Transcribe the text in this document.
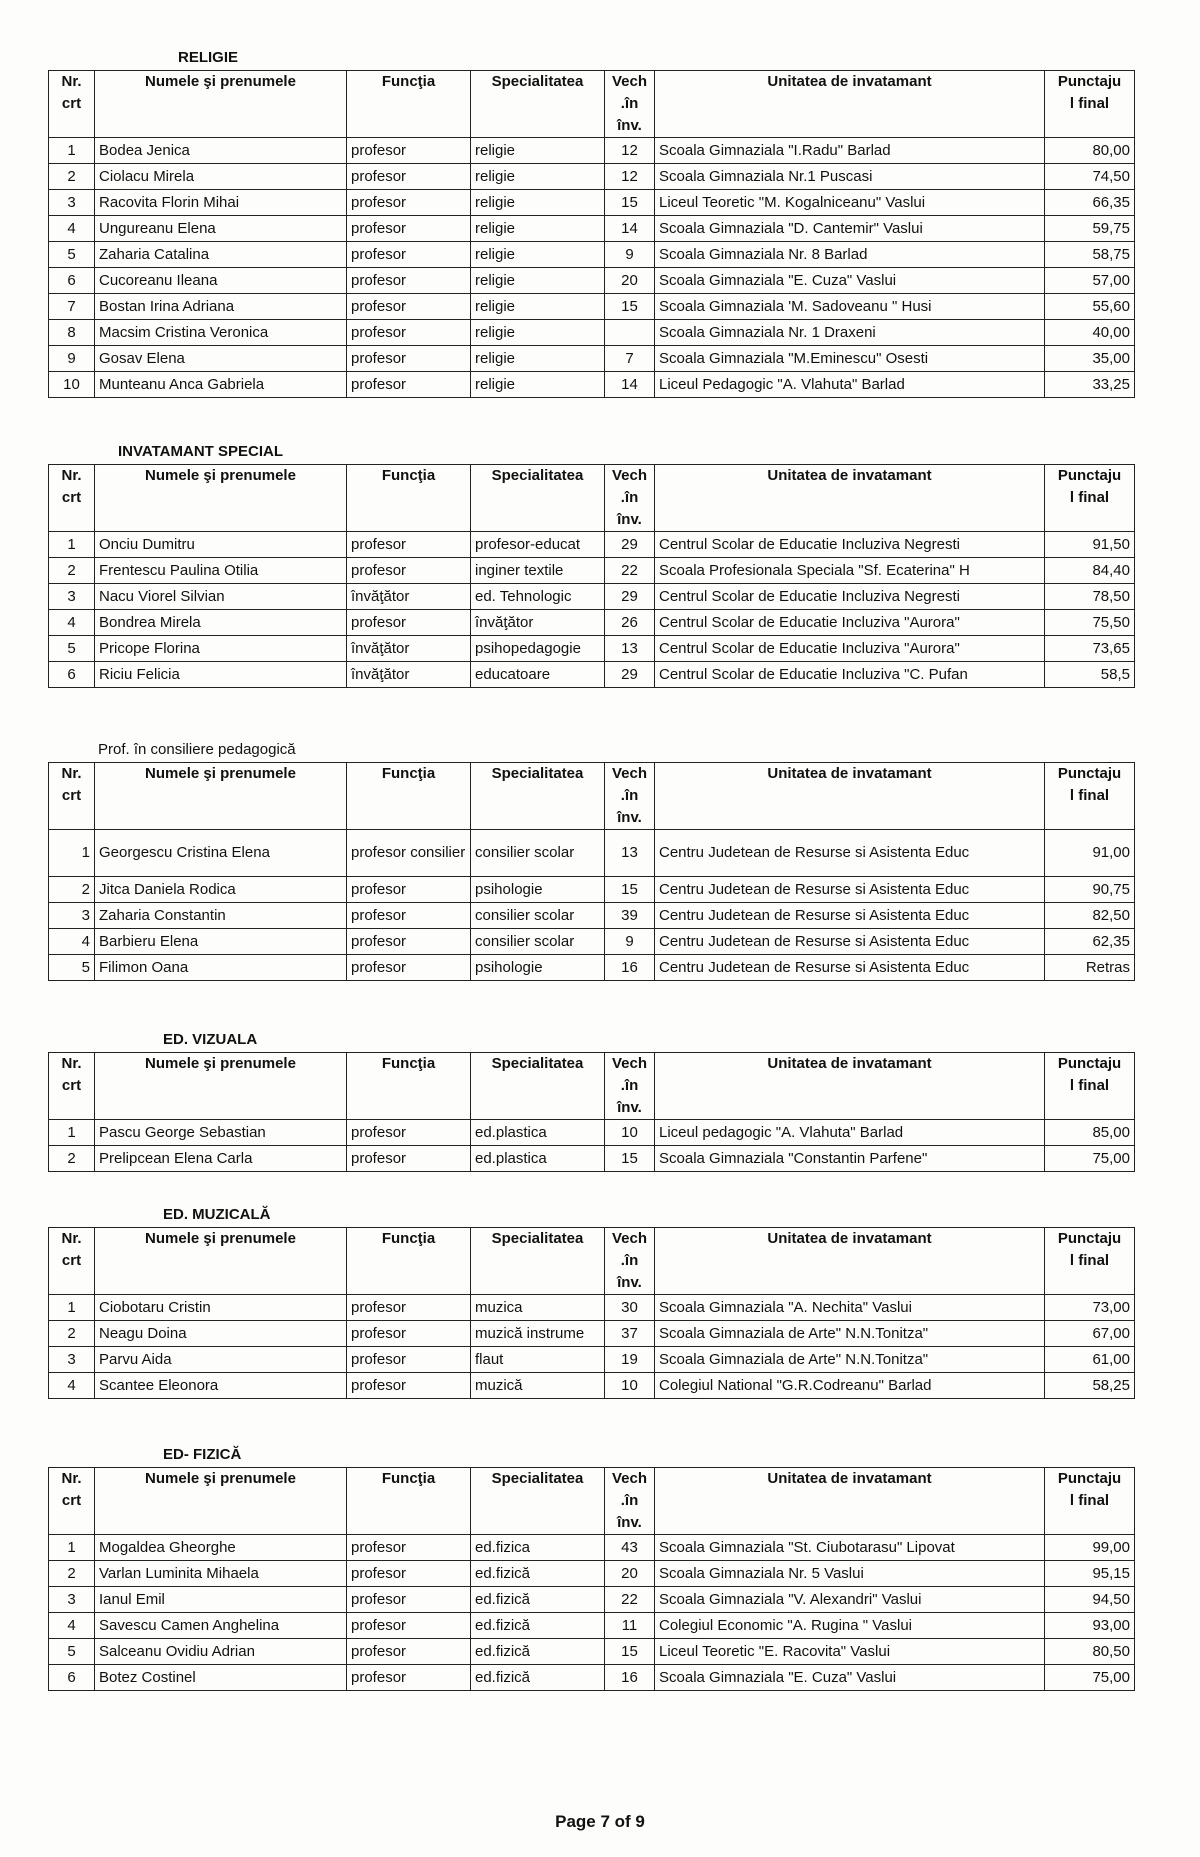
RELIGIE
Nr.
crt	Numele şi prenumele	Funcţia	Specialitatea	Vech
.în
înv.	Unitatea de invatamant	Punctaju
l final

1	Bodea Jenica	profesor	religie	12	Scoala Gimnaziala "I.Radu" Barlad	80,00
2	Ciolacu Mirela	profesor	religie	12	Scoala Gimnaziala Nr.1 Puscasi	74,50
3	Racovita Florin Mihai	profesor	religie	15	Liceul Teoretic "M. Kogalniceanu" Vaslui	66,35
4	Ungureanu Elena	profesor	religie	14	Scoala Gimnaziala "D. Cantemir" Vaslui	59,75
5	Zaharia Catalina	profesor	religie	9	Scoala Gimnaziala Nr. 8 Barlad	58,75
6	Cucoreanu Ileana	profesor	religie	20	Scoala Gimnaziala "E. Cuza" Vaslui	57,00
7	Bostan Irina Adriana	profesor	religie	15	Scoala Gimnaziala 'M. Sadoveanu " Husi	55,60
8	Macsim Cristina Veronica	profesor	religie		Scoala Gimnaziala Nr. 1 Draxeni	40,00
9	Gosav Elena	profesor	religie	7	Scoala Gimnaziala "M.Eminescu" Osesti	35,00
10	Munteanu Anca Gabriela	profesor	religie	14	Liceul Pedagogic "A. Vlahuta" Barlad	33,25
INVATAMANT SPECIAL
Nr.
crt	Numele şi prenumele	Funcţia	Specialitatea	Vech
.în
înv.	Unitatea de invatamant	Punctaju
l final

1	Onciu Dumitru	profesor	profesor-educat	29	Centrul Scolar de Educatie Incluziva Negresti	91,50
2	Frentescu Paulina Otilia	profesor	inginer textile	22	Scoala Profesionala Speciala "Sf. Ecaterina" H	84,40
3	Nacu Viorel Silvian	învăţător	ed. Tehnologic	29	Centrul Scolar de Educatie Incluziva Negresti	78,50
4	Bondrea Mirela	profesor	învăţător	26	Centrul Scolar de Educatie Incluziva "Aurora"	75,50
5	Pricope Florina	învăţător	psihopedagogie	13	Centrul Scolar de Educatie Incluziva "Aurora"	73,65
6	Riciu Felicia	învăţător	educatoare	29	Centrul Scolar de Educatie Incluziva "C. Pufan	58,5
Prof. în consiliere pedagogică
Nr.
crt	Numele şi prenumele	Funcţia	Specialitatea	Vech
.în
înv.	Unitatea de invatamant	Punctaju
l final

1	Georgescu Cristina Elena	profesor consilier	consilier scolar	13	Centru Judetean de Resurse si Asistenta Educ	91,00
2	Jitca Daniela Rodica	profesor	psihologie	15	Centru Judetean de Resurse si Asistenta Educ	90,75
3	Zaharia Constantin	profesor	consilier scolar	39	Centru Judetean de Resurse si Asistenta Educ	82,50
4	Barbieru Elena	profesor	consilier scolar	9	Centru Judetean de Resurse si Asistenta Educ	62,35
5	Filimon Oana	profesor	psihologie	16	Centru Judetean de Resurse si Asistenta Educ	Retras
ED. VIZUALA
Nr.
crt	Numele şi prenumele	Funcţia	Specialitatea	Vech
.în
înv.	Unitatea de invatamant	Punctaju
l final

1	Pascu George Sebastian	profesor	ed.plastica	10	Liceul pedagogic "A. Vlahuta" Barlad	85,00
2	Prelipcean Elena Carla	profesor	ed.plastica	15	Scoala Gimnaziala "Constantin Parfene"	75,00
ED. MUZICALĂ
Nr.
crt	Numele şi prenumele	Funcţia	Specialitatea	Vech
.în
înv.	Unitatea de invatamant	Punctaju
l final

1	Ciobotaru Cristin	profesor	muzica	30	Scoala Gimnaziala "A. Nechita" Vaslui	73,00
2	Neagu Doina	profesor	muzică instrume	37	Scoala Gimnaziala de Arte" N.N.Tonitza"	67,00
3	Parvu Aida	profesor	flaut	19	Scoala Gimnaziala de Arte" N.N.Tonitza"	61,00
4	Scantee Eleonora	profesor	muzică	10	Colegiul National "G.R.Codreanu" Barlad	58,25
ED- FIZICĂ
Nr.
crt	Numele şi prenumele	Funcţia	Specialitatea	Vech
.în
înv.	Unitatea de invatamant	Punctaju
l final

1	Mogaldea Gheorghe	profesor	ed.fizica	43	Scoala Gimnaziala "St. Ciubotarasu" Lipovat	99,00
2	Varlan Luminita Mihaela	profesor	ed.fizică	20	Scoala Gimnaziala Nr. 5 Vaslui	95,15
3	Ianul Emil	profesor	ed.fizică	22	Scoala Gimnaziala "V. Alexandri" Vaslui	94,50
4	Savescu Camen Anghelina	profesor	ed.fizică	11	Colegiul Economic "A. Rugina " Vaslui	93,00
5	Salceanu Ovidiu Adrian	profesor	ed.fizică	15	Liceul Teoretic "E. Racovita" Vaslui	80,50
6	Botez Costinel	profesor	ed.fizică	16	Scoala Gimnaziala "E. Cuza" Vaslui	75,00
Page 7 of 9
